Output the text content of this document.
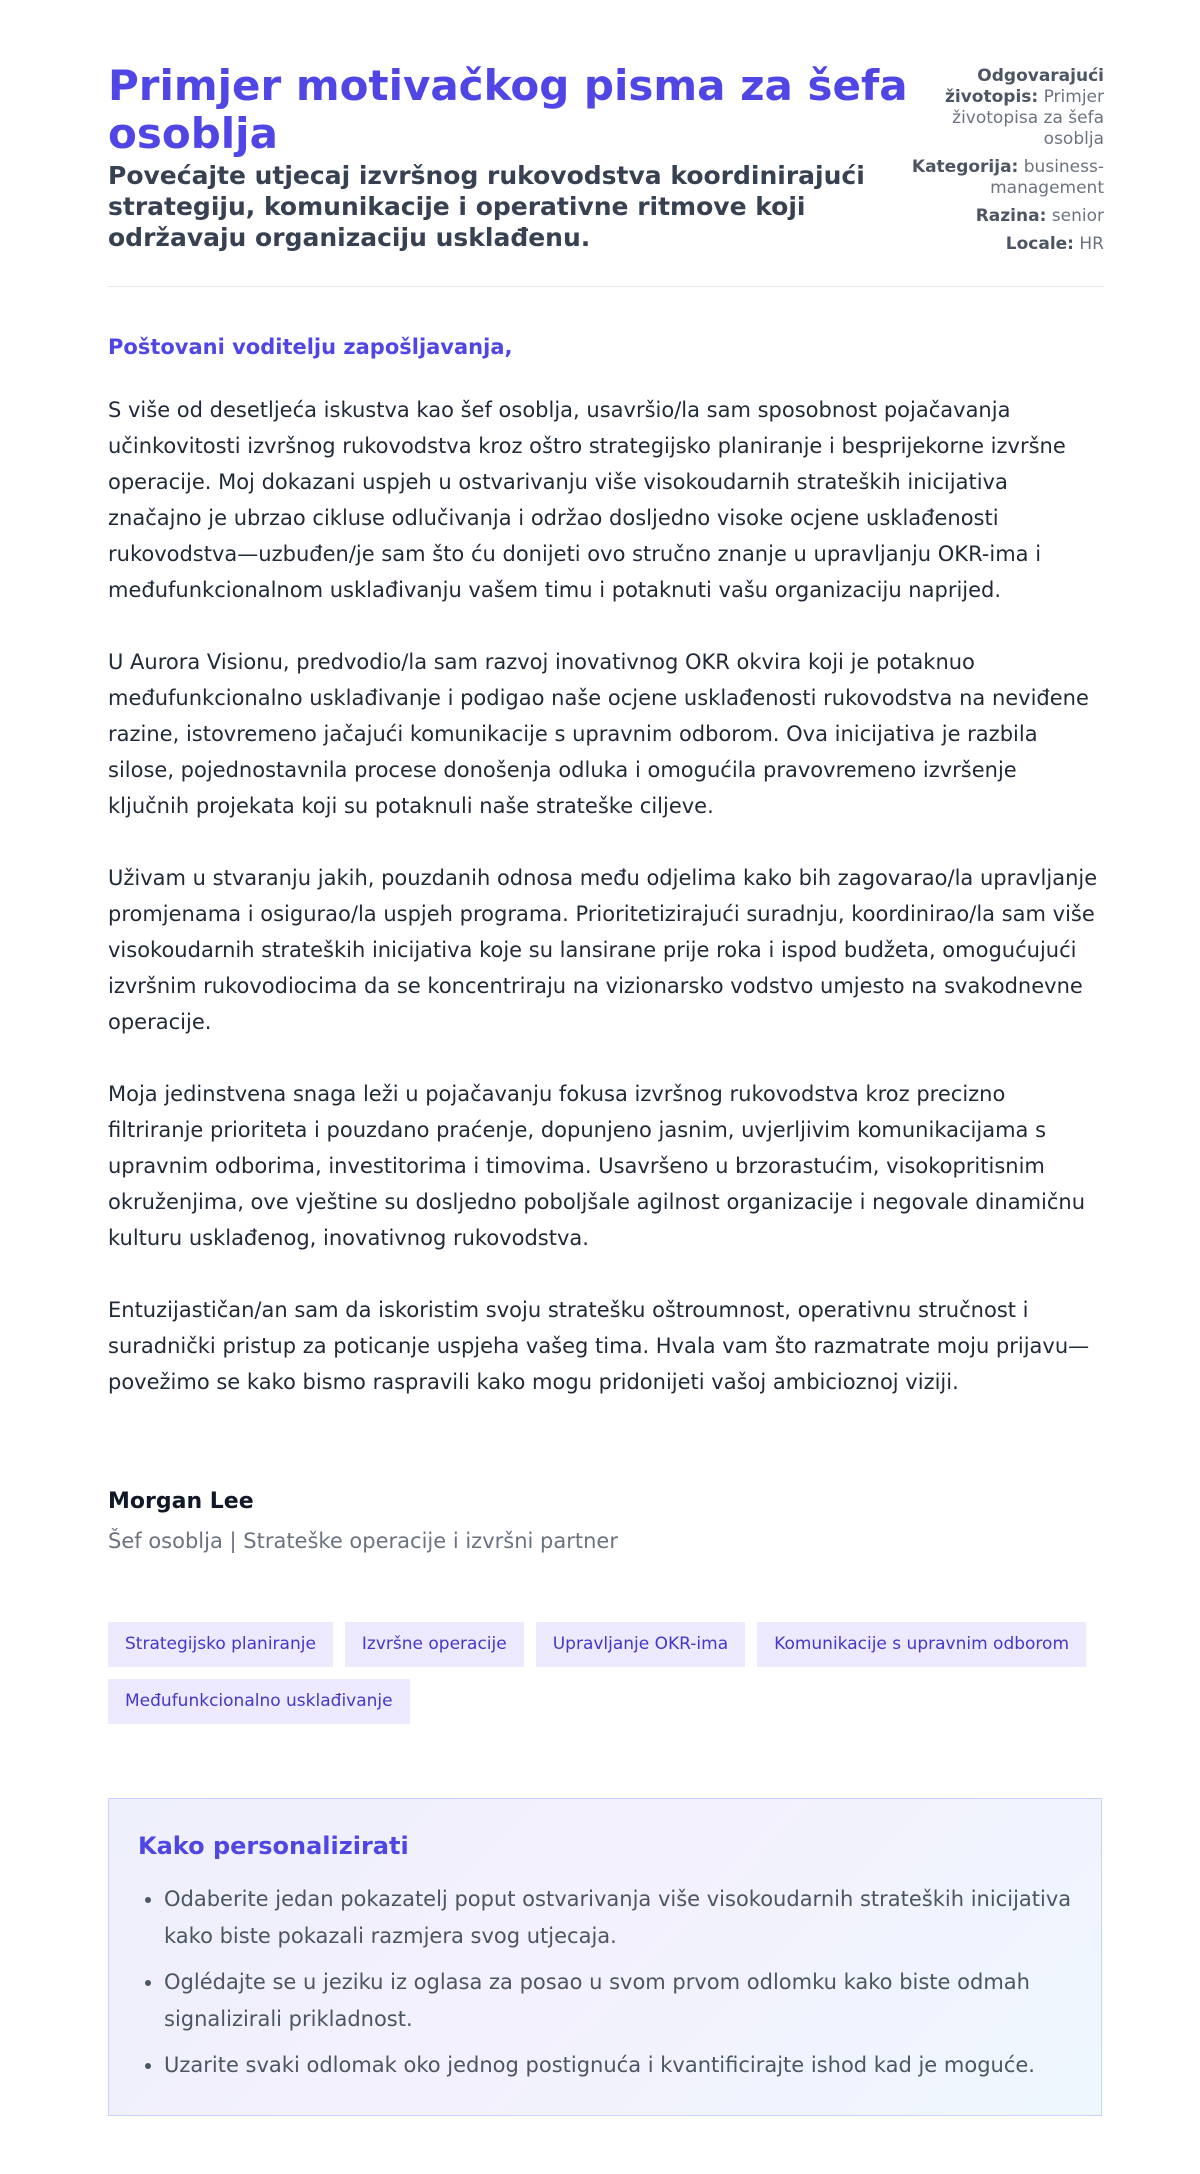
Primjer motivačkog pisma za šefa osoblja
Povećajte utjecaj izvršnog rukovodstva koordinirajući strategiju, komunikacije i operativne ritmove koji održavaju organizaciju usklađenu.
Odgovarajući životopis: Primjer životopisa za šefa osoblja
Kategorija: business-management
Razina: senior
Locale: HR

Poštovani voditelju zapošljavanja,

S više od desetljeća iskustva kao šef osoblja, usavršio/la sam sposobnost pojačavanja učinkovitosti izvršnog rukovodstva kroz oštro strategijsko planiranje i besprijekorne izvršne operacije. Moj dokazani uspjeh u ostvarivanju više visokoudarnih strateških inicijativa značajno je ubrzao cikluse odlučivanja i održao dosljedno visoke ocjene usklađenosti rukovodstva—uzbuđen/je sam što ću donijeti ovo stručno znanje u upravljanju OKR-ima i međufunkcionalnom usklađivanju vašem timu i potaknuti vašu organizaciju naprijed.

U Aurora Visionu, predvodio/la sam razvoj inovativnog OKR okvira koji je potaknuo međufunkcionalno usklađivanje i podigao naše ocjene usklađenosti rukovodstva na neviđene razine, istovremeno jačajući komunikacije s upravnim odborom. Ova inicijativa je razbila silose, pojednostavnila procese donošenja odluka i omogućila pravovremeno izvršenje ključnih projekata koji su potaknuli naše strateške ciljeve.

Uživam u stvaranju jakih, pouzdanih odnosa među odjelima kako bih zagovarao/la upravljanje promjenama i osigurao/la uspjeh programa. Prioritetizirajući suradnju, koordinirao/la sam više visokoudarnih strateških inicijativa koje su lansirane prije roka i ispod budžeta, omogućujući izvršnim rukovodiocima da se koncentriraju na vizionarsko vodstvo umjesto na svakodnevne operacije.

Moja jedinstvena snaga leži u pojačavanju fokusa izvršnog rukovodstva kroz precizno filtriranje prioriteta i pouzdano praćenje, dopunjeno jasnim, uvjerljivim komunikacijama s upravnim odborima, investitorima i timovima. Usavršeno u brzorastućim, visokopritisnim okruženjima, ove vještine su dosljedno poboljšale agilnost organizacije i negovale dinamičnu kulturu usklađenog, inovativnog rukovodstva.

Entuzijastičan/an sam da iskoristim svoju stratešku oštroumnost, operativnu stručnost i suradnički pristup za poticanje uspjeha vašeg tima. Hvala vam što razmatrate moju prijavu—povežimo se kako bismo raspravili kako mogu pridonijeti vašoj ambicioznoj viziji.

Morgan Lee
Šef osoblja | Strateške operacije i izvršni partner
Strategijsko planiranje	Izvršne operacije	Upravljanje OKR-ima	Komunikacije s upravnim odborom
Međufunkcionalno usklađivanje
Kako personalizirati
• Odaberite jedan pokazatelj poput ostvarivanja više visokoudarnih strateških inicijativa kako biste pokazali razmjera svog utjecaja.
• Oglédajte se u jeziku iz oglasa za posao u svom prvom odlomku kako biste odmah signalizirali prikladnost.
• Uzarite svaki odlomak oko jednog postignuća i kvantificirajte ishod kad je moguće.
